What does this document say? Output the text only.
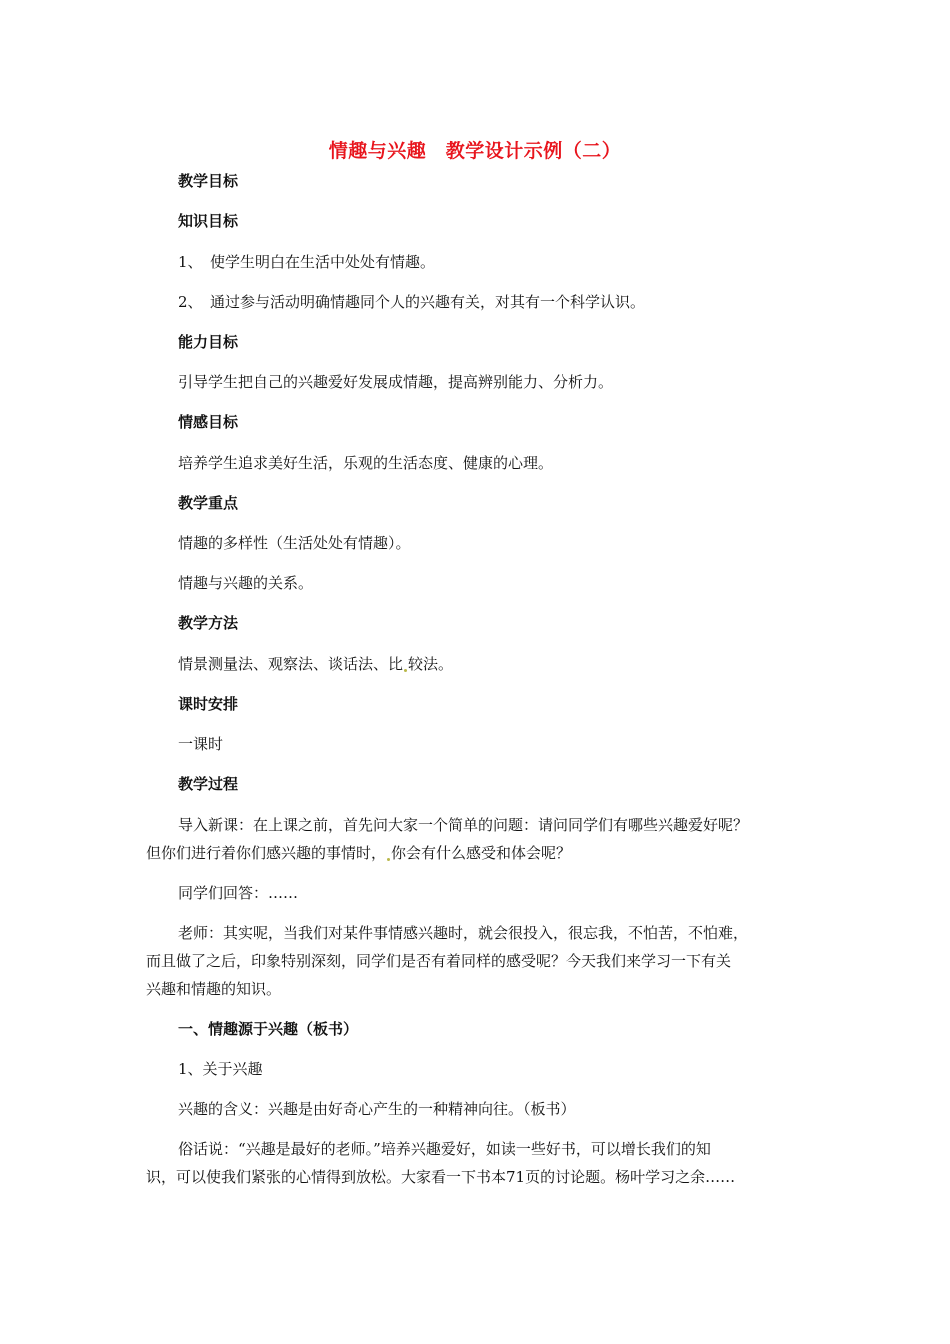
情趣与兴趣　教学设计示例（二）
教学目标
知识目标
1、　使学生明白在生活中处处有情趣。
2、　通过参与活动明确情趣同个人的兴趣有关，对其有一个科学认识。
能力目标
引导学生把自己的兴趣爱好发展成情趣，提高辨别能力、分析力。
情感目标
培养学生追求美好生活，乐观的生活态度、健康的心理。
教学重点
情趣的多样性（生活处处有情趣）。
情趣与兴趣的关系。
教学方法
情景测量法、观察法、谈话法、比 较法。
课时安排
一课时
教学过程
导入新课：在上课之前，首先问大家一个简单的问题：请问同学们有哪些兴趣爱好呢？
但你们进行着你们感兴趣的事情时， 你会有什么感受和体会呢？
同学们回答：……
老师：其实呢，当我们对某件事情感兴趣时，就会很投入，很忘我，不怕苦，不怕难，
而且做了之后，印象特别深刻，同学们是否有着同样的感受呢？今天我们来学习一下有关
兴趣和情趣的知识。
一、情趣源于兴趣（板书）
1、关于兴趣
兴趣的含义：兴趣是由好奇心产生的一种精神向往。（板书）
俗话说：“兴趣是最好的老师。”培养兴趣爱好，如读一些好书，可以增长我们的知
识，可以使我们紧张的心情得到放松。大家看一下书本71页的讨论题。杨叶学习之余……
